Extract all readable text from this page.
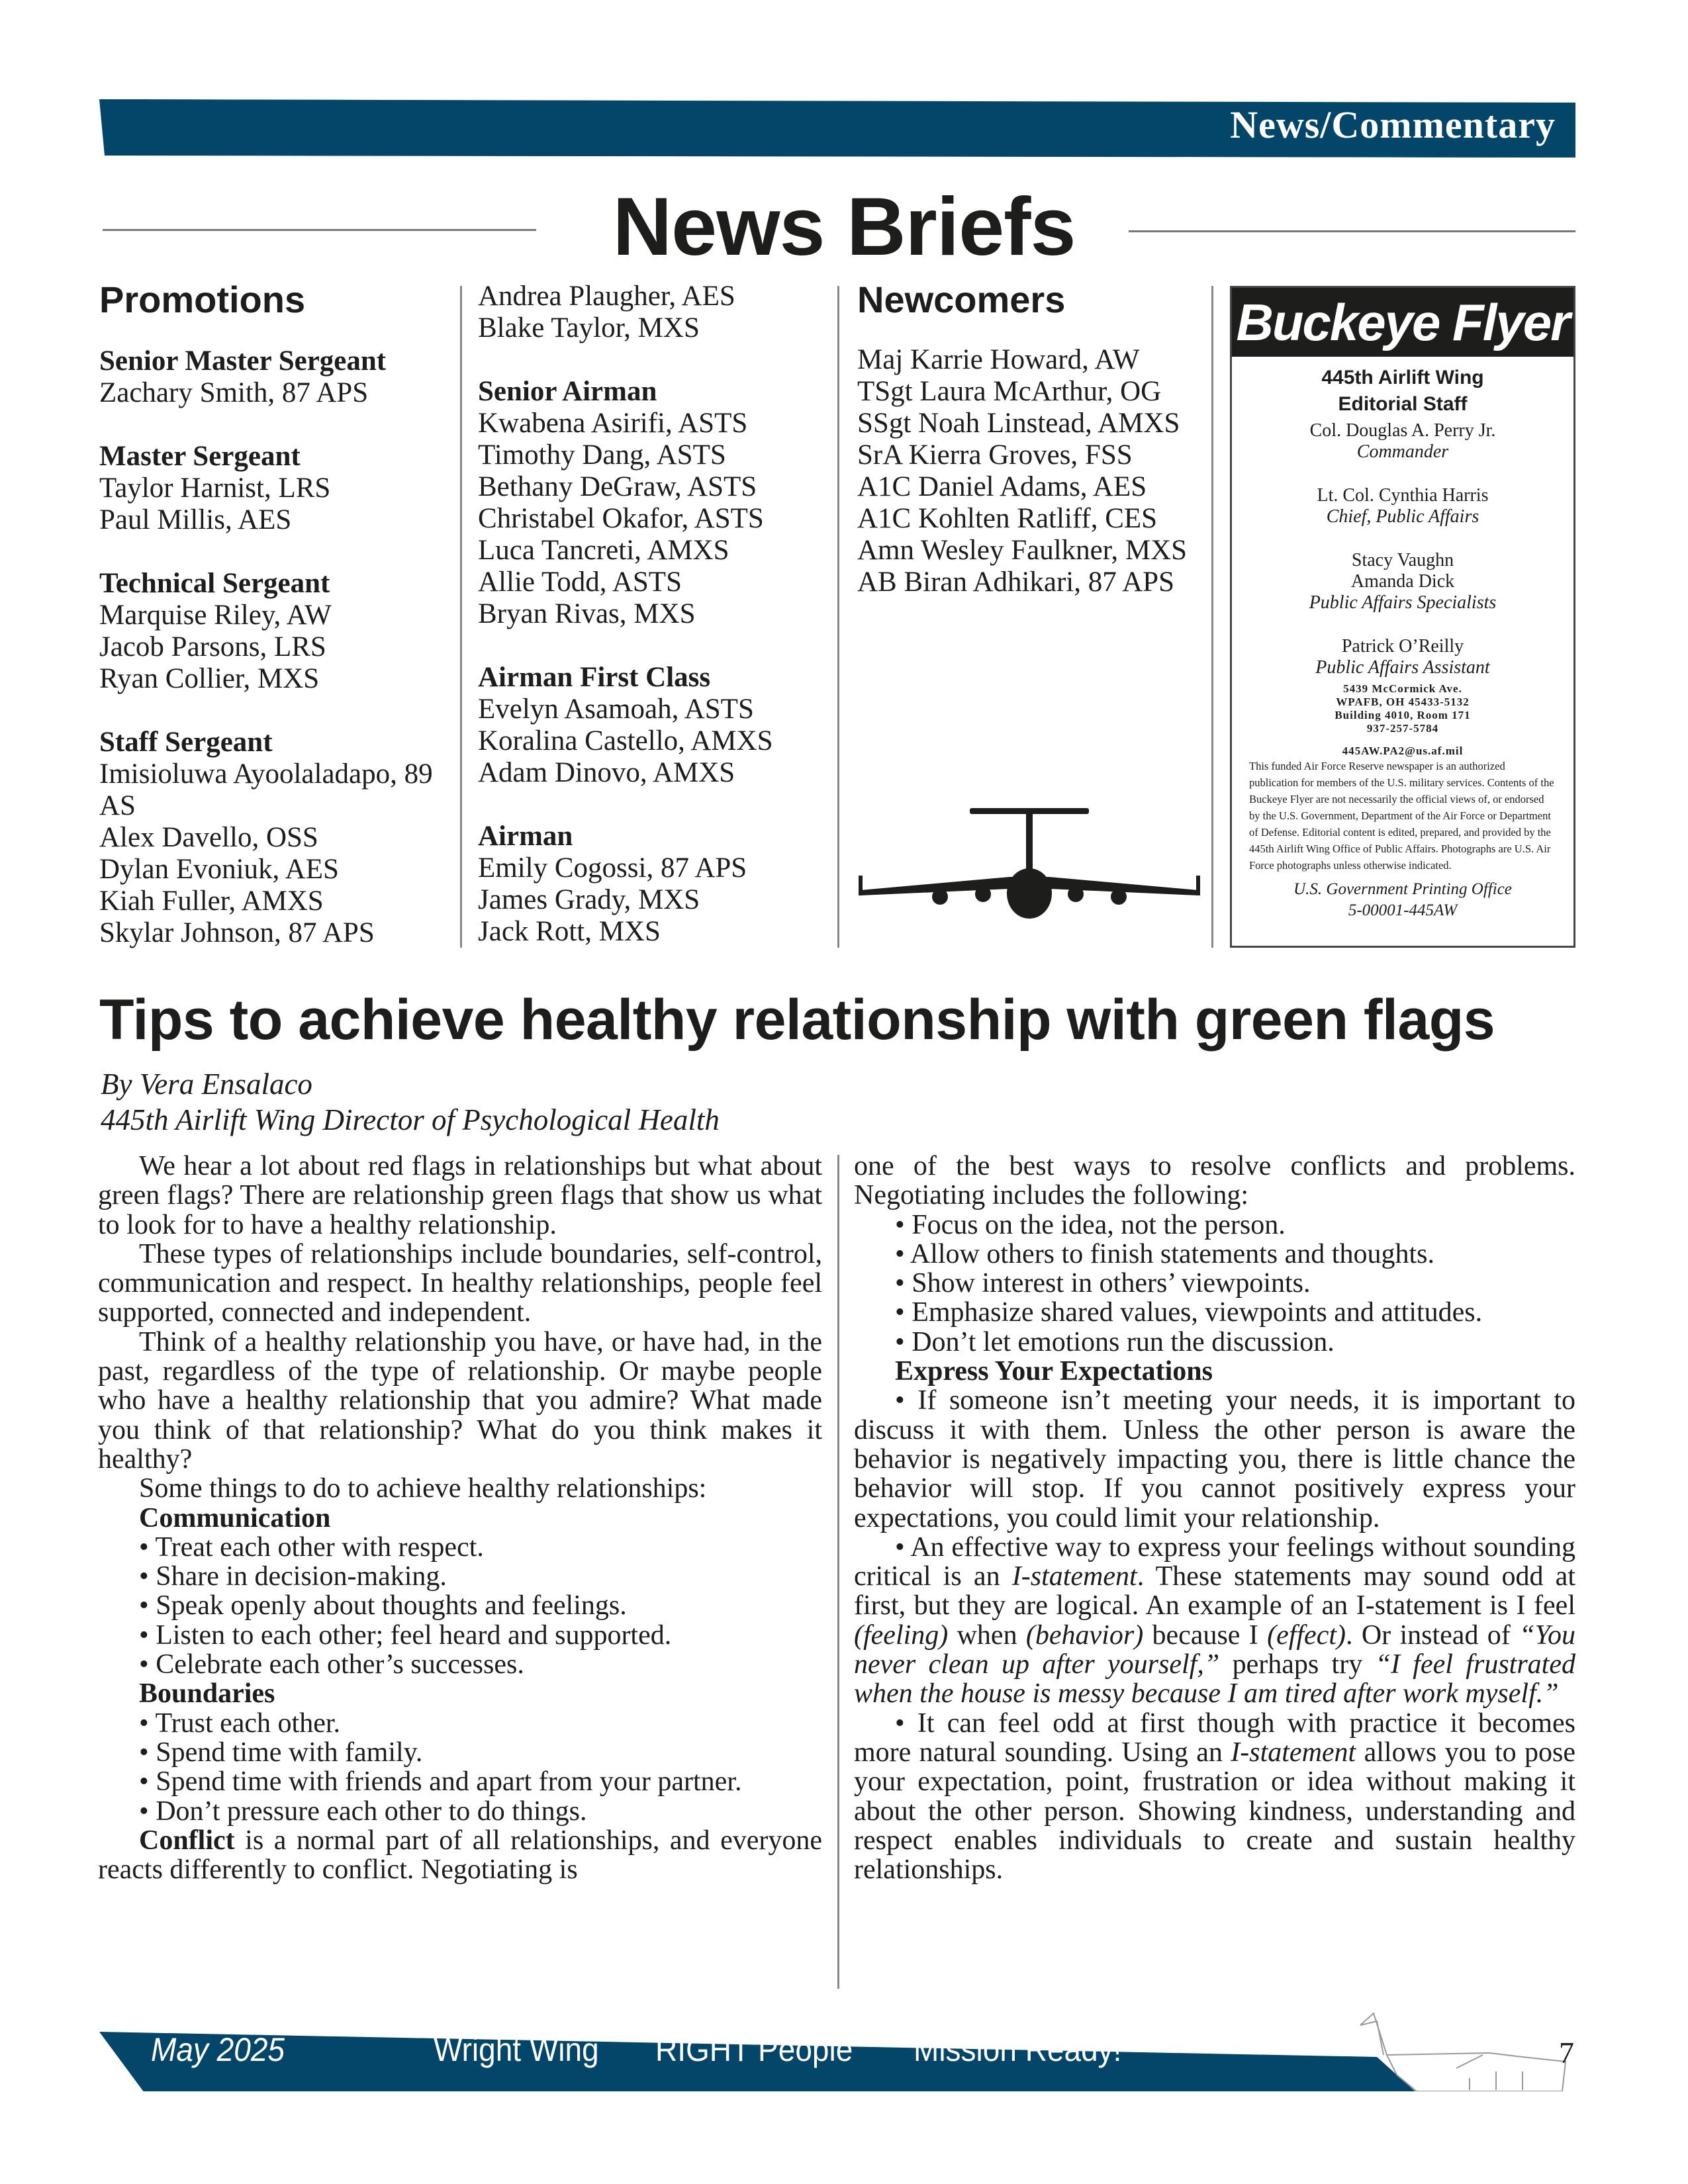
News/Commentary
News Briefs
Promotions
Senior Master Sergeant
Zachary Smith, 87 APS
Master Sergeant
Taylor Harnist, LRS
Paul Millis, AES
Technical Sergeant
Marquise Riley, AW
Jacob Parsons, LRS
Ryan Collier, MXS
Staff Sergeant
Imisioluwa Ayoolaladapo, 89 AS
Alex Davello, OSS
Dylan Evoniuk, AES
Kiah Fuller, AMXS
Skylar Johnson, 87 APS
Andrea Plaugher, AES
Blake Taylor, MXS
Senior Airman
Kwabena Asirifi, ASTS
Timothy Dang, ASTS
Bethany DeGraw, ASTS
Christabel Okafor, ASTS
Luca Tancreti, AMXS
Allie Todd, ASTS
Bryan Rivas, MXS
Airman First Class
Evelyn Asamoah, ASTS
Koralina Castello, AMXS
Adam Dinovo, AMXS
Airman
Emily Cogossi, 87 APS
James Grady, MXS
Jack Rott, MXS
Newcomers
Maj Karrie Howard, AW
TSgt Laura McArthur, OG
SSgt Noah Linstead, AMXS
SrA Kierra Groves, FSS
A1C Daniel Adams, AES
A1C Kohlten Ratliff, CES
Amn Wesley Faulkner, MXS
AB Biran Adhikari, 87 APS
Buckeye Flyer
445th Airlift Wing
Editorial Staff
Col. Douglas A. Perry Jr.
Commander
Lt. Col. Cynthia Harris
Chief, Public Affairs
Stacy Vaughn
Amanda Dick
Public Affairs Specialists
Patrick O’Reilly
Public Affairs Assistant
5439 McCormick Ave.
WPAFB, OH 45433-5132
Building 4010, Room 171
937-257-5784
445AW.PA2@us.af.mil
This funded Air Force Reserve newspaper is an authorized publication for members of the U.S. military services. Contents of the Buckeye Flyer are not necessarily the official views of, or endorsed by the U.S. Government, Department of the Air Force or Department of Defense. Editorial content is edited, prepared, and provided by the 445th Airlift Wing Office of Public Affairs. Photographs are U.S. Air Force photographs unless otherwise indicated.
U.S. Government Printing Office
5-00001-445AW
Tips to achieve healthy relationship with green flags
By Vera Ensalaco
445th Airlift Wing Director of Psychological Health
We hear a lot about red flags in relationships but what about green flags? There are relationship green flags that show us what to look for to have a healthy relationship.
These types of relationships include boundaries, self-control, communication and respect. In healthy relationships, people feel supported, connected and independent.
Think of a healthy relationship you have, or have had, in the past, regardless of the type of relationship. Or maybe people who have a healthy relationship that you admire? What made you think of that relationship? What do you think makes it healthy?
Some things to do to achieve healthy relationships:
Communication
• Treat each other with respect.
• Share in decision-making.
• Speak openly about thoughts and feelings.
• Listen to each other; feel heard and supported.
• Celebrate each other’s successes.
Boundaries
• Trust each other.
• Spend time with family.
• Spend time with friends and apart from your partner.
• Don’t pressure each other to do things.
Conflict is a normal part of all relationships, and everyone reacts differently to conflict. Negotiating is
one of the best ways to resolve conflicts and problems. Negotiating includes the following:
• Focus on the idea, not the person.
• Allow others to finish statements and thoughts.
• Show interest in others’ viewpoints.
• Emphasize shared values, viewpoints and attitudes.
• Don’t let emotions run the discussion.
Express Your Expectations
• If someone isn’t meeting your needs, it is important to discuss it with them. Unless the other person is aware the behavior is negatively impacting you, there is little chance the behavior will stop. If you cannot positively express your expectations, you could limit your relationship.
• An effective way to express your feelings without sounding critical is an I-statement. These statements may sound odd at first, but they are logical. An example of an I-statement is I feel (feeling) when (behavior) because I (effect). Or instead of “You never clean up after yourself,” perhaps try “I feel frustrated when the house is messy because I am tired after work myself.”
• It can feel odd at first though with practice it becomes more natural sounding. Using an I-statement allows you to pose your expectation, point, frustration or idea without making it about the other person. Showing kindness, understanding and respect enables individuals to create and sustain healthy relationships.
May 2025	Wright Wing RIGHT People Mission Ready!	7
